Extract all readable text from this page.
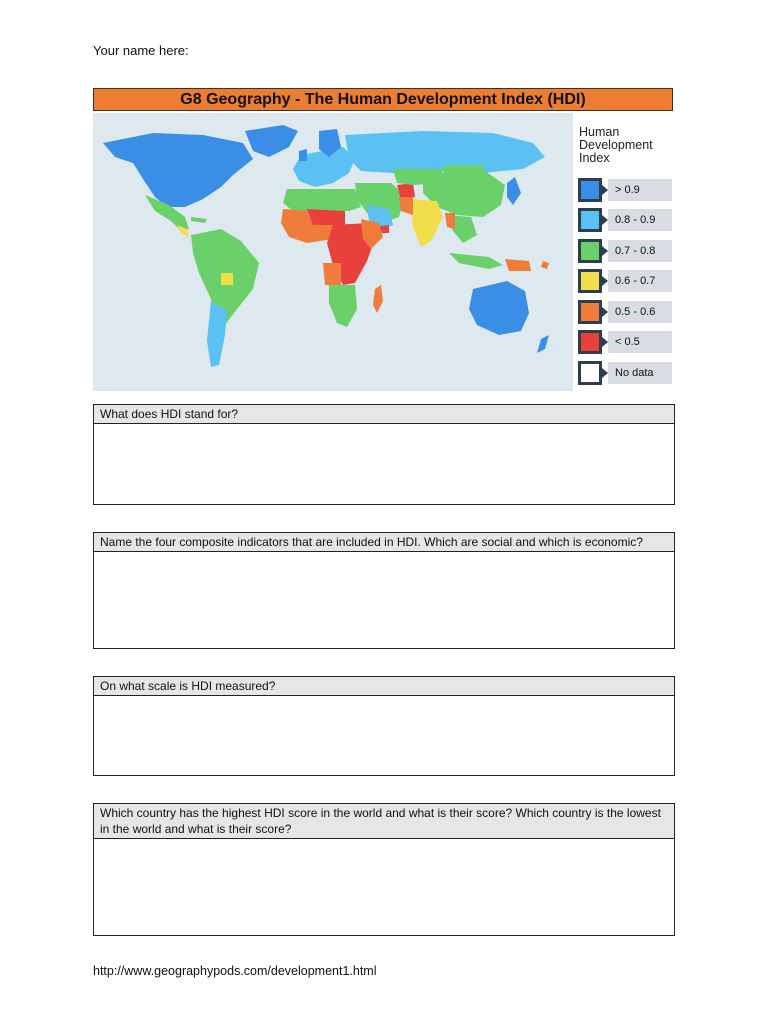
Your name here:
G8 Geography - The Human Development Index (HDI)
Human Development Index
> 0.9
0.8 - 0.9
0.7 - 0.8
0.6 - 0.7
0.5 - 0.6
< 0.5
No data
What does HDI stand for?
Name the four composite indicators that are included in HDI. Which are social and which is economic?
On what scale is HDI measured?
Which country has the highest HDI score in the world and what is their score? Which country is the lowest in the world and what is their score?
http://www.geographypods.com/development1.html
